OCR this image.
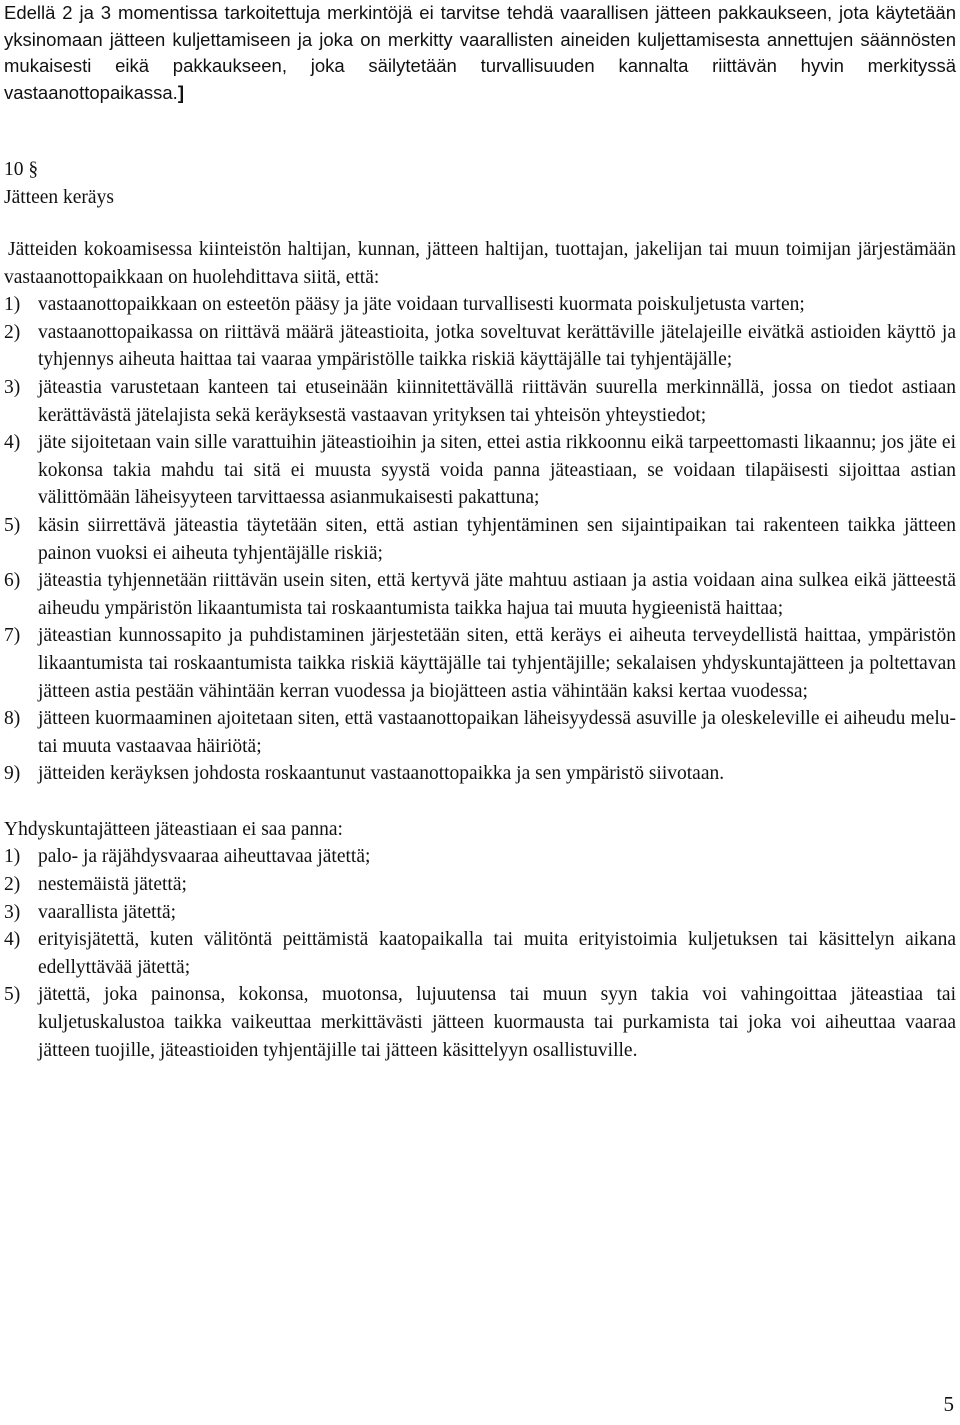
Edellä 2 ja 3 momentissa tarkoitettuja merkintöjä ei tarvitse tehdä vaarallisen jätteen pakkaukseen, jota käytetään yksinomaan jätteen kuljettamiseen ja joka on merkitty vaarallisten aineiden kuljettamisesta annettujen säännösten mukaisesti eikä pakkaukseen, joka säilytetään turvallisuuden kannalta riittävän hyvin merkityssä vastaanottopaikassa.]

10 §
Jätteen keräys

Jätteiden kokoamisessa kiinteistön haltijan, kunnan, jätteen haltijan, tuottajan, jakelijan tai muun toimijan järjestämään vastaanottopaikkaan on huolehdittava siitä, että:

1) vastaanottopaikkaan on esteetön pääsy ja jäte voidaan turvallisesti kuormata poiskuljetusta varten;
2) vastaanottopaikassa on riittävä määrä jäteastioita, jotka soveltuvat kerättäville jätelajeille eivätkä astioiden käyttö ja tyhjennys aiheuta haittaa tai vaaraa ympäristölle taikka riskiä käyttäjälle tai tyhjentäjälle;
3) jäteastia varustetaan kanteen tai etuseinään kiinnitettävällä riittävän suurella merkinnällä, jossa on tiedot astiaan kerättävästä jätelajista sekä keräyksestä vastaavan yrityksen tai yhteisön yhteystiedot;
4) jäte sijoitetaan vain sille varattuihin jäteastioihin ja siten, ettei astia rikkoonnu eikä tarpeettomasti likaannu; jos jäte ei kokonsa takia mahdu tai sitä ei muusta syystä voida panna jäteastiaan, se voidaan tilapäisesti sijoittaa astian välittömään läheisyyteen tarvittaessa asianmukaisesti pakattuna;
5) käsin siirrettävä jäteastia täytetään siten, että astian tyhjentäminen sen sijaintipaikan tai rakenteen taikka jätteen painon vuoksi ei aiheuta tyhjentäjälle riskiä;
6) jäteastia tyhjennetään riittävän usein siten, että kertyvä jäte mahtuu astiaan ja astia voidaan aina sulkea eikä jätteestä aiheudu ympäristön likaantumista tai roskaantumista taikka hajua tai muuta hygieenistä haittaa;
7) jäteastian kunnossapito ja puhdistaminen järjestetään siten, että keräys ei aiheuta terveydellistä haittaa, ympäristön likaantumista tai roskaantumista taikka riskiä käyttäjälle tai tyhjentäjille; sekalaisen yhdyskuntajätteen ja poltettavan jätteen astia pestään vähintään kerran vuodessa ja biojätteen astia vähintään kaksi kertaa vuodessa;
8) jätteen kuormaaminen ajoitetaan siten, että vastaanottopaikan läheisyydessä asuville ja oleskeleville ei aiheudu melu- tai muuta vastaavaa häiriötä;
9) jätteiden keräyksen johdosta roskaantunut vastaanottopaikka ja sen ympäristö siivotaan.

Yhdyskuntajätteen jäteastiaan ei saa panna:

1) palo- ja räjähdysvaaraa aiheuttavaa jätettä;
2) nestemäistä jätettä;
3) vaarallista jätettä;
4) erityisjätettä, kuten välitöntä peittämistä kaatopaikalla tai muita erityistoimia kuljetuksen tai käsittelyn aikana edellyttävää jätettä;
5) jätettä, joka painonsa, kokonsa, muotonsa, lujuutensa tai muun syyn takia voi vahingoittaa jäteastiaa tai kuljetuskalustoa taikka vaikeuttaa merkittävästi jätteen kuormausta tai purkamista tai joka voi aiheuttaa vaaraa jätteen tuojille, jäteastioiden tyhjentäjille tai jätteen käsittelyyn osallistuville.
5
